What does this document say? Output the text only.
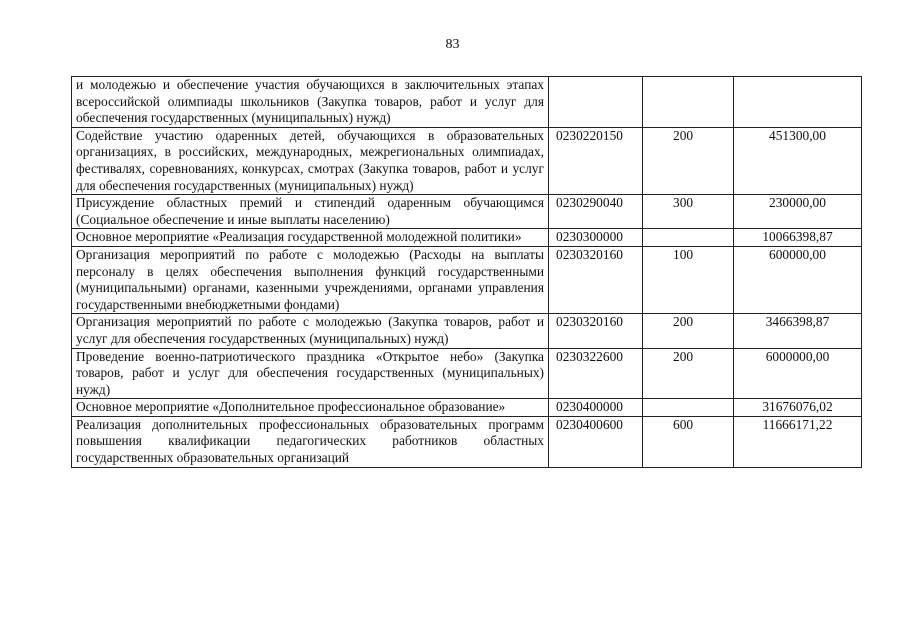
83
и молодежью и обеспечение участия обучающихся в заключительных этапах всероссийской олимпиады школьников (Закупка товаров, работ и услуг для обеспечения государственных (муниципальных) нужд)			
Содействие участию одаренных детей, обучающихся в образовательных организациях, в российских, международных, межрегиональных олимпиадах, фестивалях, соревнованиях, конкурсах, смотрах (Закупка товаров, работ и услуг для обеспечения государственных (муниципальных) нужд)	0230220150	200	451300,00
Присуждение областных премий и стипендий одаренным обучающимся (Социальное обеспечение и иные выплаты населению)	0230290040	300	230000,00
Основное мероприятие «Реализация государственной молодежной политики»	0230300000		10066398,87
Организация мероприятий по работе с молодежью (Расходы на выплаты персоналу в целях обеспечения выполнения функций государственными (муниципальными) органами, казенными учреждениями, органами управления государственными внебюджетными фондами)	0230320160	100	600000,00
Организация мероприятий по работе с молодежью (Закупка товаров, работ и услуг для обеспечения государственных (муниципальных) нужд)	0230320160	200	3466398,87
Проведение военно-патриотического праздника «Открытое небо» (Закупка товаров, работ и услуг для обеспечения государственных (муниципальных) нужд)	0230322600	200	6000000,00
Основное мероприятие «Дополнительное профессиональное образование»	0230400000		31676076,02
Реализация дополнительных профессиональных образовательных программ повышения квалификации педагогических работников областных государственных образовательных организаций	0230400600	600	11666171,22
